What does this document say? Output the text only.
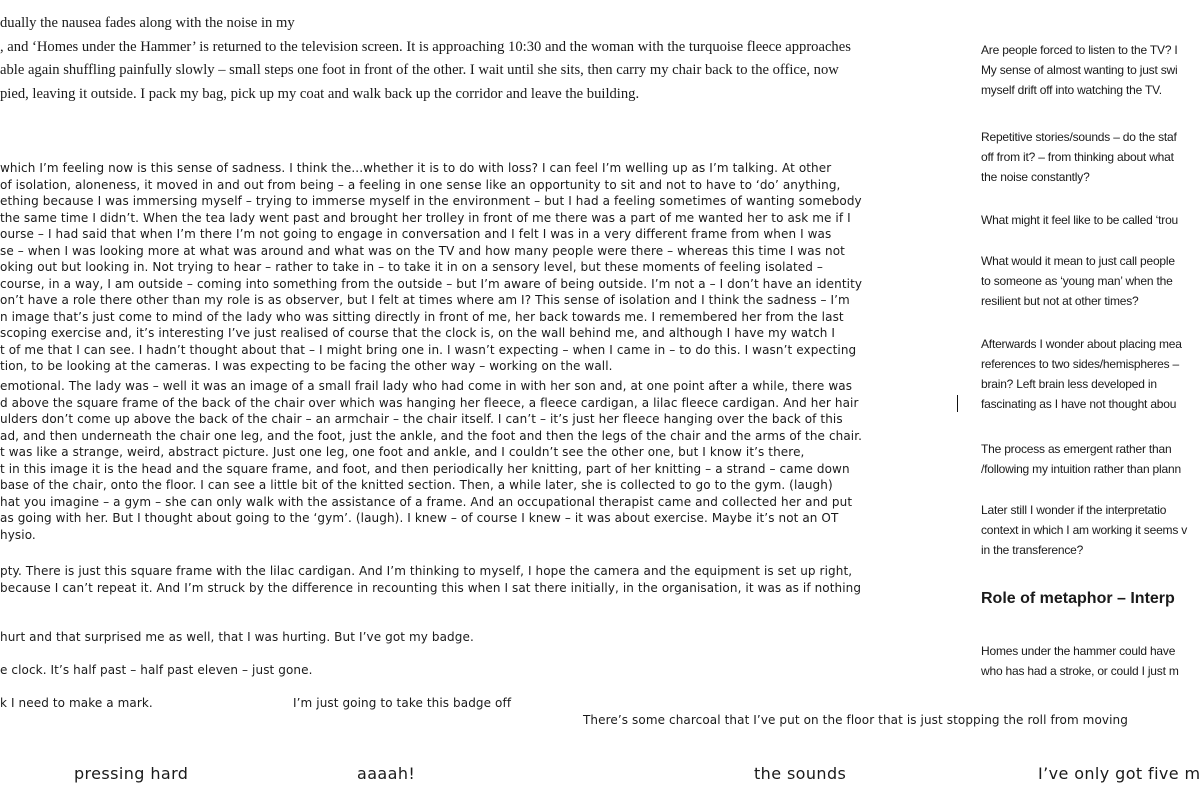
dually the nausea fades along with the noise in my
, and ‘Homes under the Hammer’ is returned to the television screen. It is approaching 10:30 and the woman with the turquoise fleece approaches
able again shuffling painfully slowly – small steps one foot in front of the other. I wait until she sits, then carry my chair back to the office, now
pied, leaving it outside. I pack my bag, pick up my coat and walk back up the corridor and leave the building.
which I’m feeling now is this sense of sadness. I think the...whether it is to do with loss? I can feel I’m welling up as I’m talking. At other
of isolation, aloneness, it moved in and out from being – a feeling in one sense like an opportunity to sit and not to have to ‘do’ anything,
ething because I was immersing myself – trying to immerse myself in the environment – but I had a feeling sometimes of wanting somebody
the same time I didn’t. When the tea lady went past and brought her trolley in front of me there was a part of me wanted her to ask me if I
ourse – I had said that when I’m there I’m not going to engage in conversation and I felt I was in a very different frame from when I was
se – when I was looking more at what was around and what was on the TV and how many people were there – whereas this time I was not
oking out but looking in. Not trying to hear – rather to take in – to take it in on a sensory level, but these moments of feeling isolated –
course, in a way, I am outside – coming into something from the outside – but I’m aware of being outside. I’m not a – I don’t have an identity
on’t have a role there other than my role is as observer, but I felt at times where am I? This sense of isolation and I think the sadness – I’m
n image that’s just come to mind of the lady who was sitting directly in front of me, her back towards me. I remembered her from the last
scoping exercise and, it’s interesting I’ve just realised of course that the clock is, on the wall behind me, and although I have my watch I
t of me that I can see. I hadn’t thought about that – I might bring one in. I wasn’t expecting – when I came in – to do this. I wasn’t expecting
tion, to be looking at the cameras. I was expecting to be facing the other way – working on the wall.
emotional. The lady was – well it was an image of a small frail lady who had come in with her son and, at one point after a while, there was
d above the square frame of the back of the chair over which was hanging her fleece, a fleece cardigan, a lilac fleece cardigan. And her hair
ulders don’t come up above the back of the chair – an armchair – the chair itself. I can’t – it’s just her fleece hanging over the back of this
ad, and then underneath the chair one leg, and the foot, just the ankle, and the foot and then the legs of the chair and the arms of the chair.
t was like a strange, weird, abstract picture. Just one leg, one foot and ankle, and I couldn’t see the other one, but I know it’s there,
t in this image it is the head and the square frame, and foot, and then periodically her knitting, part of her knitting – a strand – came down
base of the chair, onto the floor. I can see a little bit of the knitted section. Then, a while later, she is collected to go to the gym. (laugh)
hat you imagine – a gym – she can only walk with the assistance of a frame. And an occupational therapist came and collected her and put
as going with her. But I thought about going to the ‘gym’. (laugh). I knew – of course I knew – it was about exercise. Maybe it’s not an OT
hysio.
pty. There is just this square frame with the lilac cardigan. And I’m thinking to myself, I hope the camera and the equipment is set up right,
because I can’t repeat it. And I’m struck by the difference in recounting this when I sat there initially, in the organisation, it was as if nothing
hurt and that surprised me as well, that I was hurting. But I’ve got my badge.
e clock. It’s half past – half past eleven – just gone.
k I need to make a mark.	I’m just going to take this badge off
There’s some charcoal that I’ve put on the floor that is just stopping the roll from moving
pressing hard	aaaah!	the sounds	I’ve only got five m
Are people forced to listen to the TV? I
My sense of almost wanting to just swi
myself drift off into watching the TV.
Repetitive stories/sounds – do the staf
off from it? – from thinking about what
the noise constantly?
What might it feel like to be called ‘trou
What would it mean to just call people
to someone as ‘young man’ when the
resilient but not at other times?
Afterwards I wonder about placing mea
references to two sides/hemispheres –
brain? Left brain less developed in
fascinating as I have not thought abou
The process as emergent rather than
/following my intuition rather than plann
Later still I wonder if the interpretatio
context in which I am working it seems v
in the transference?
Role of metaphor – Interp
Homes under the hammer could have
who has had a stroke, or could I just m
